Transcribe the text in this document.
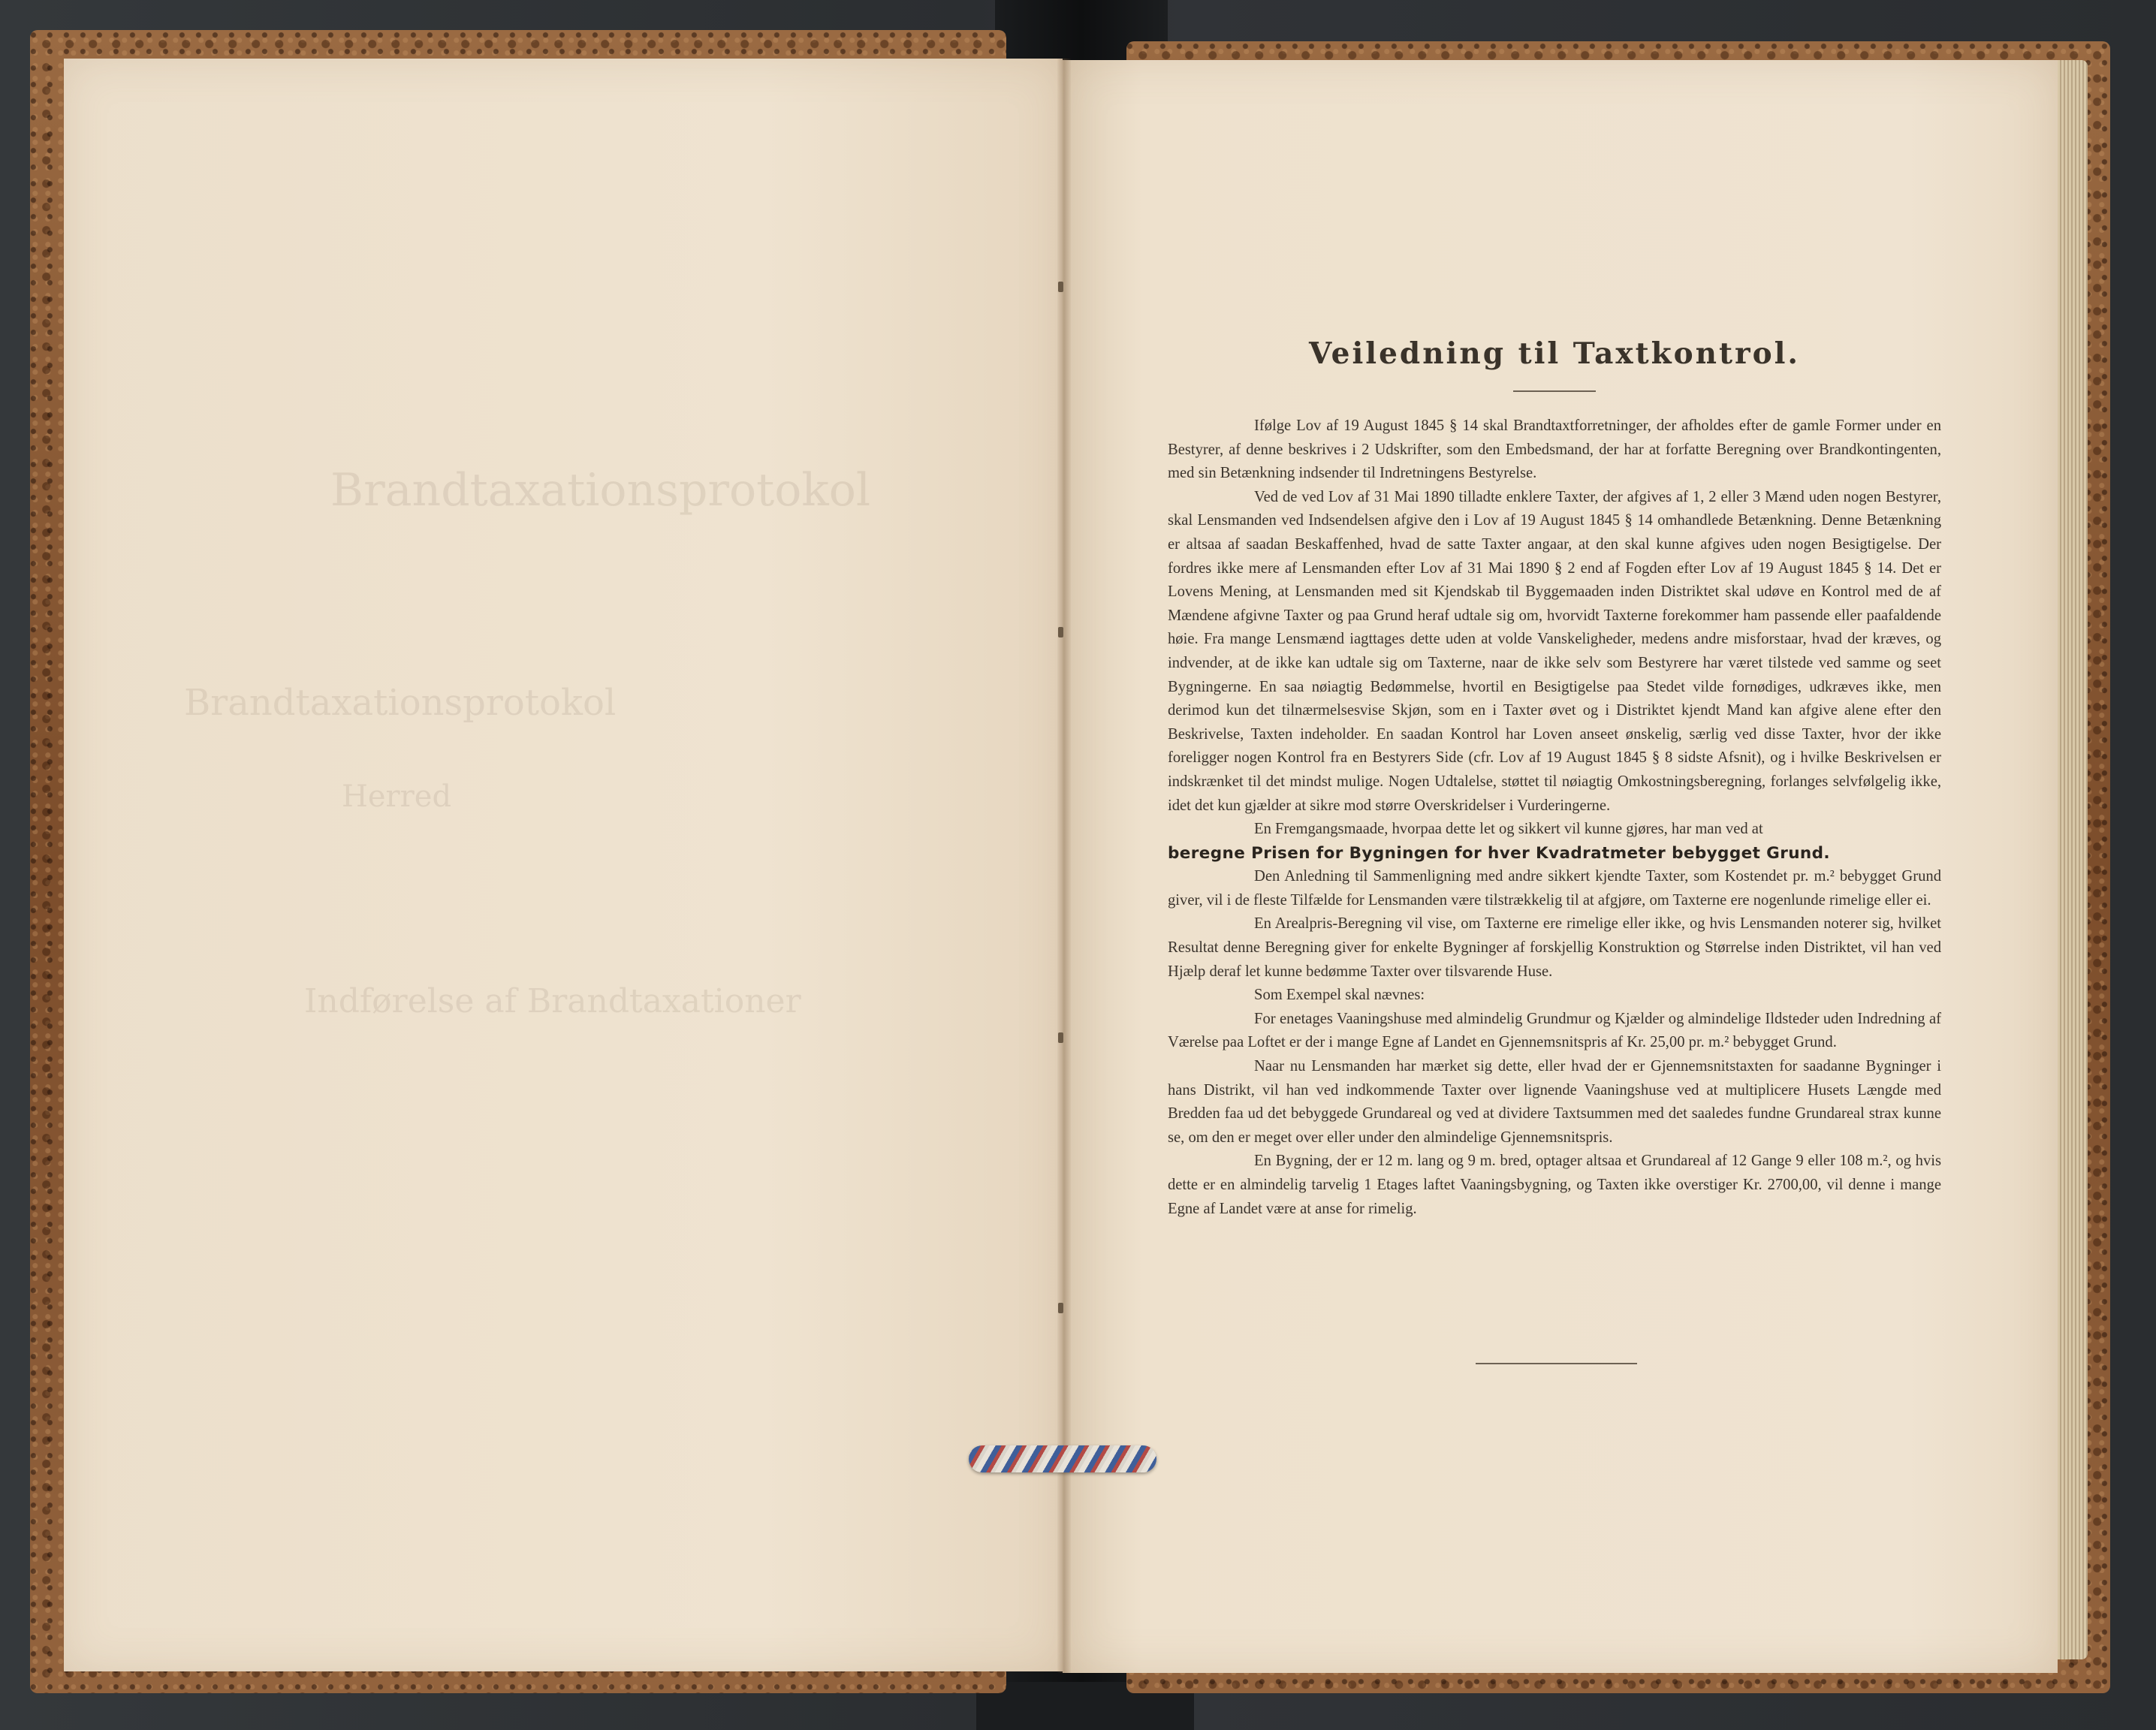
Brandtaxationsprotokol
Brandtaxationsprotokol
Herred
Indførelse af Brandtaxationer
Veiledning til Taxtkontrol.

Ifølge Lov af 19 August 1845 § 14 skal Brandtaxtforretninger, der afholdes efter de gamle Former under en Bestyrer, af denne beskrives i 2 Udskrifter, som den Embedsmand, der har at forfatte Beregning over Brandkontingenten, med sin Betænkning indsender til Indretningens Bestyrelse.

Ved de ved Lov af 31 Mai 1890 tilladte enklere Taxter, der afgives af 1, 2 eller 3 Mænd uden nogen Bestyrer, skal Lensmanden ved Indsendelsen afgive den i Lov af 19 August 1845 § 14 omhandlede Betænkning. Denne Betænkning er altsaa af saadan Beskaffenhed, hvad de satte Taxter angaar, at den skal kunne afgives uden nogen Besigtigelse. Der fordres ikke mere af Lensmanden efter Lov af 31 Mai 1890 § 2 end af Fogden efter Lov af 19 August 1845 § 14. Det er Lovens Mening, at Lensmanden med sit Kjendskab til Byggemaaden inden Distriktet skal udøve en Kontrol med de af Mændene afgivne Taxter og paa Grund heraf udtale sig om, hvorvidt Taxterne forekommer ham passende eller paafaldende høie. Fra mange Lensmænd iagttages dette uden at volde Vanskeligheder, medens andre misforstaar, hvad der kræves, og indvender, at de ikke kan udtale sig om Taxterne, naar de ikke selv som Bestyrere har været tilstede ved samme og seet Bygningerne. En saa nøiagtig Bedømmelse, hvortil en Besigtigelse paa Stedet vilde fornødiges, udkræves ikke, men derimod kun det tilnærmelsesvise Skjøn, som en i Taxter øvet og i Distriktet kjendt Mand kan afgive alene efter den Beskrivelse, Taxten indeholder. En saadan Kontrol har Loven anseet ønskelig, særlig ved disse Taxter, hvor der ikke foreligger nogen Kontrol fra en Bestyrers Side (cfr. Lov af 19 August 1845 § 8 sidste Afsnit), og i hvilke Beskrivelsen er indskrænket til det mindst mulige. Nogen Udtalelse, støttet til nøiagtig Omkostningsberegning, forlanges selvfølgelig ikke, idet det kun gjælder at sikre mod større Overskridelser i Vurderingerne.

En Fremgangsmaade, hvorpaa dette let og sikkert vil kunne gjøres, har man ved at

beregne Prisen for Bygningen for hver Kvadratmeter bebygget Grund.

Den Anledning til Sammenligning med andre sikkert kjendte Taxter, som Kostendet pr. m.² bebygget Grund giver, vil i de fleste Tilfælde for Lensmanden være tilstrækkelig til at afgjøre, om Taxterne ere nogenlunde rimelige eller ei.

En Arealpris-Beregning vil vise, om Taxterne ere rimelige eller ikke, og hvis Lensmanden noterer sig, hvilket Resultat denne Beregning giver for enkelte Bygninger af forskjellig Konstruktion og Størrelse inden Distriktet, vil han ved Hjælp deraf let kunne bedømme Taxter over tilsvarende Huse.

Som Exempel skal nævnes:

For enetages Vaaningshuse med almindelig Grundmur og Kjælder og almindelige Ildsteder uden Indredning af Værelse paa Loftet er der i mange Egne af Landet en Gjennemsnitspris af Kr. 25,00 pr. m.² bebygget Grund.

Naar nu Lensmanden har mærket sig dette, eller hvad der er Gjennemsnitstaxten for saadanne Bygninger i hans Distrikt, vil han ved indkommende Taxter over lignende Vaaningshuse ved at multiplicere Husets Længde med Bredden faa ud det bebyggede Grundareal og ved at dividere Taxtsummen med det saaledes fundne Grundareal strax kunne se, om den er meget over eller under den almindelige Gjennemsnitspris.

En Bygning, der er 12 m. lang og 9 m. bred, optager altsaa et Grundareal af 12 Gange 9 eller 108 m.², og hvis dette er en almindelig tarvelig 1 Etages laftet Vaaningsbygning, og Taxten ikke overstiger Kr. 2700,00, vil denne i mange Egne af Landet være at anse for rimelig.
